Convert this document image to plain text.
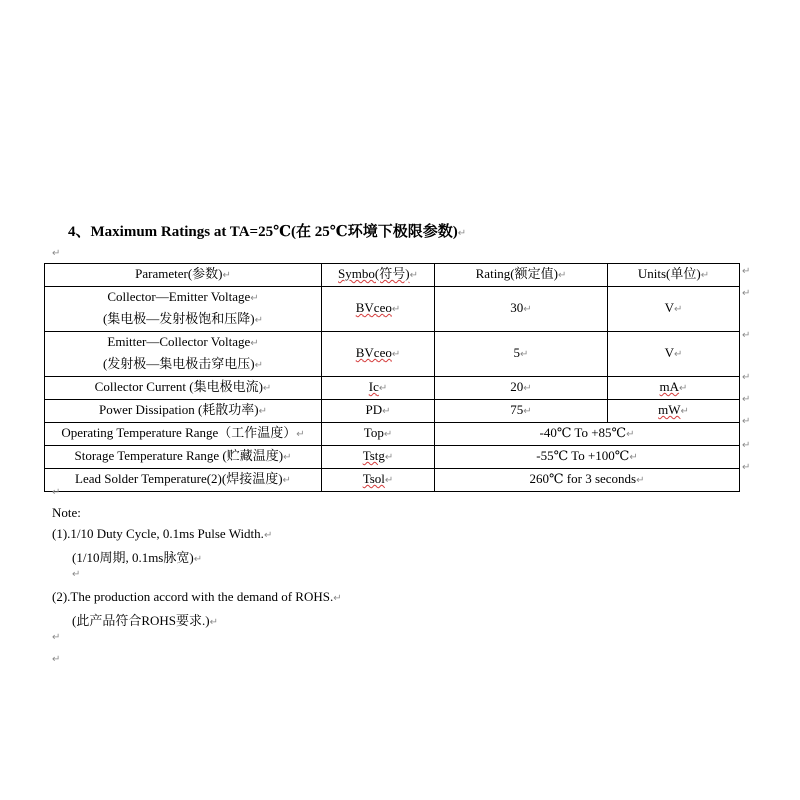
4、Maximum Ratings at TA=25℃(在 25℃环境下极限参数)↵
↵
Parameter(参数)↵	Symbo(符号)↵	Rating(额定值)↵	Units(单位)↵
Collector—Emitter Voltage↵
(集电极—发射极饱和压降)↵	BVceo↵	30↵	V↵
Emitter—Collector Voltage↵
(发射极—集电极击穿电压)↵	BVceo↵	5↵	V↵
Collector Current (集电极电流)↵	Ic↵	20↵	mA↵
Power Dissipation (耗散功率)↵	PD↵	75↵	mW↵
Operating Temperature Range（工作温度）↵	Top↵	-40℃ To +85℃↵	
Storage Temperature Range (贮藏温度)↵	Tstg↵	-55℃ To +100℃↵	
Lead Solder Temperature(2)(焊接温度)↵	Tsol↵	260℃ for 3 seconds↵	
↵
↵
↵
↵
↵
↵
↵
↵
↵
Note:
(1).1/10 Duty Cycle, 0.1ms Pulse Width.↵
(1/10周期, 0.1ms脉宽)↵
↵
(2).The production accord with the demand of ROHS.↵
(此产品符合ROHS要求.)↵
↵
↵
